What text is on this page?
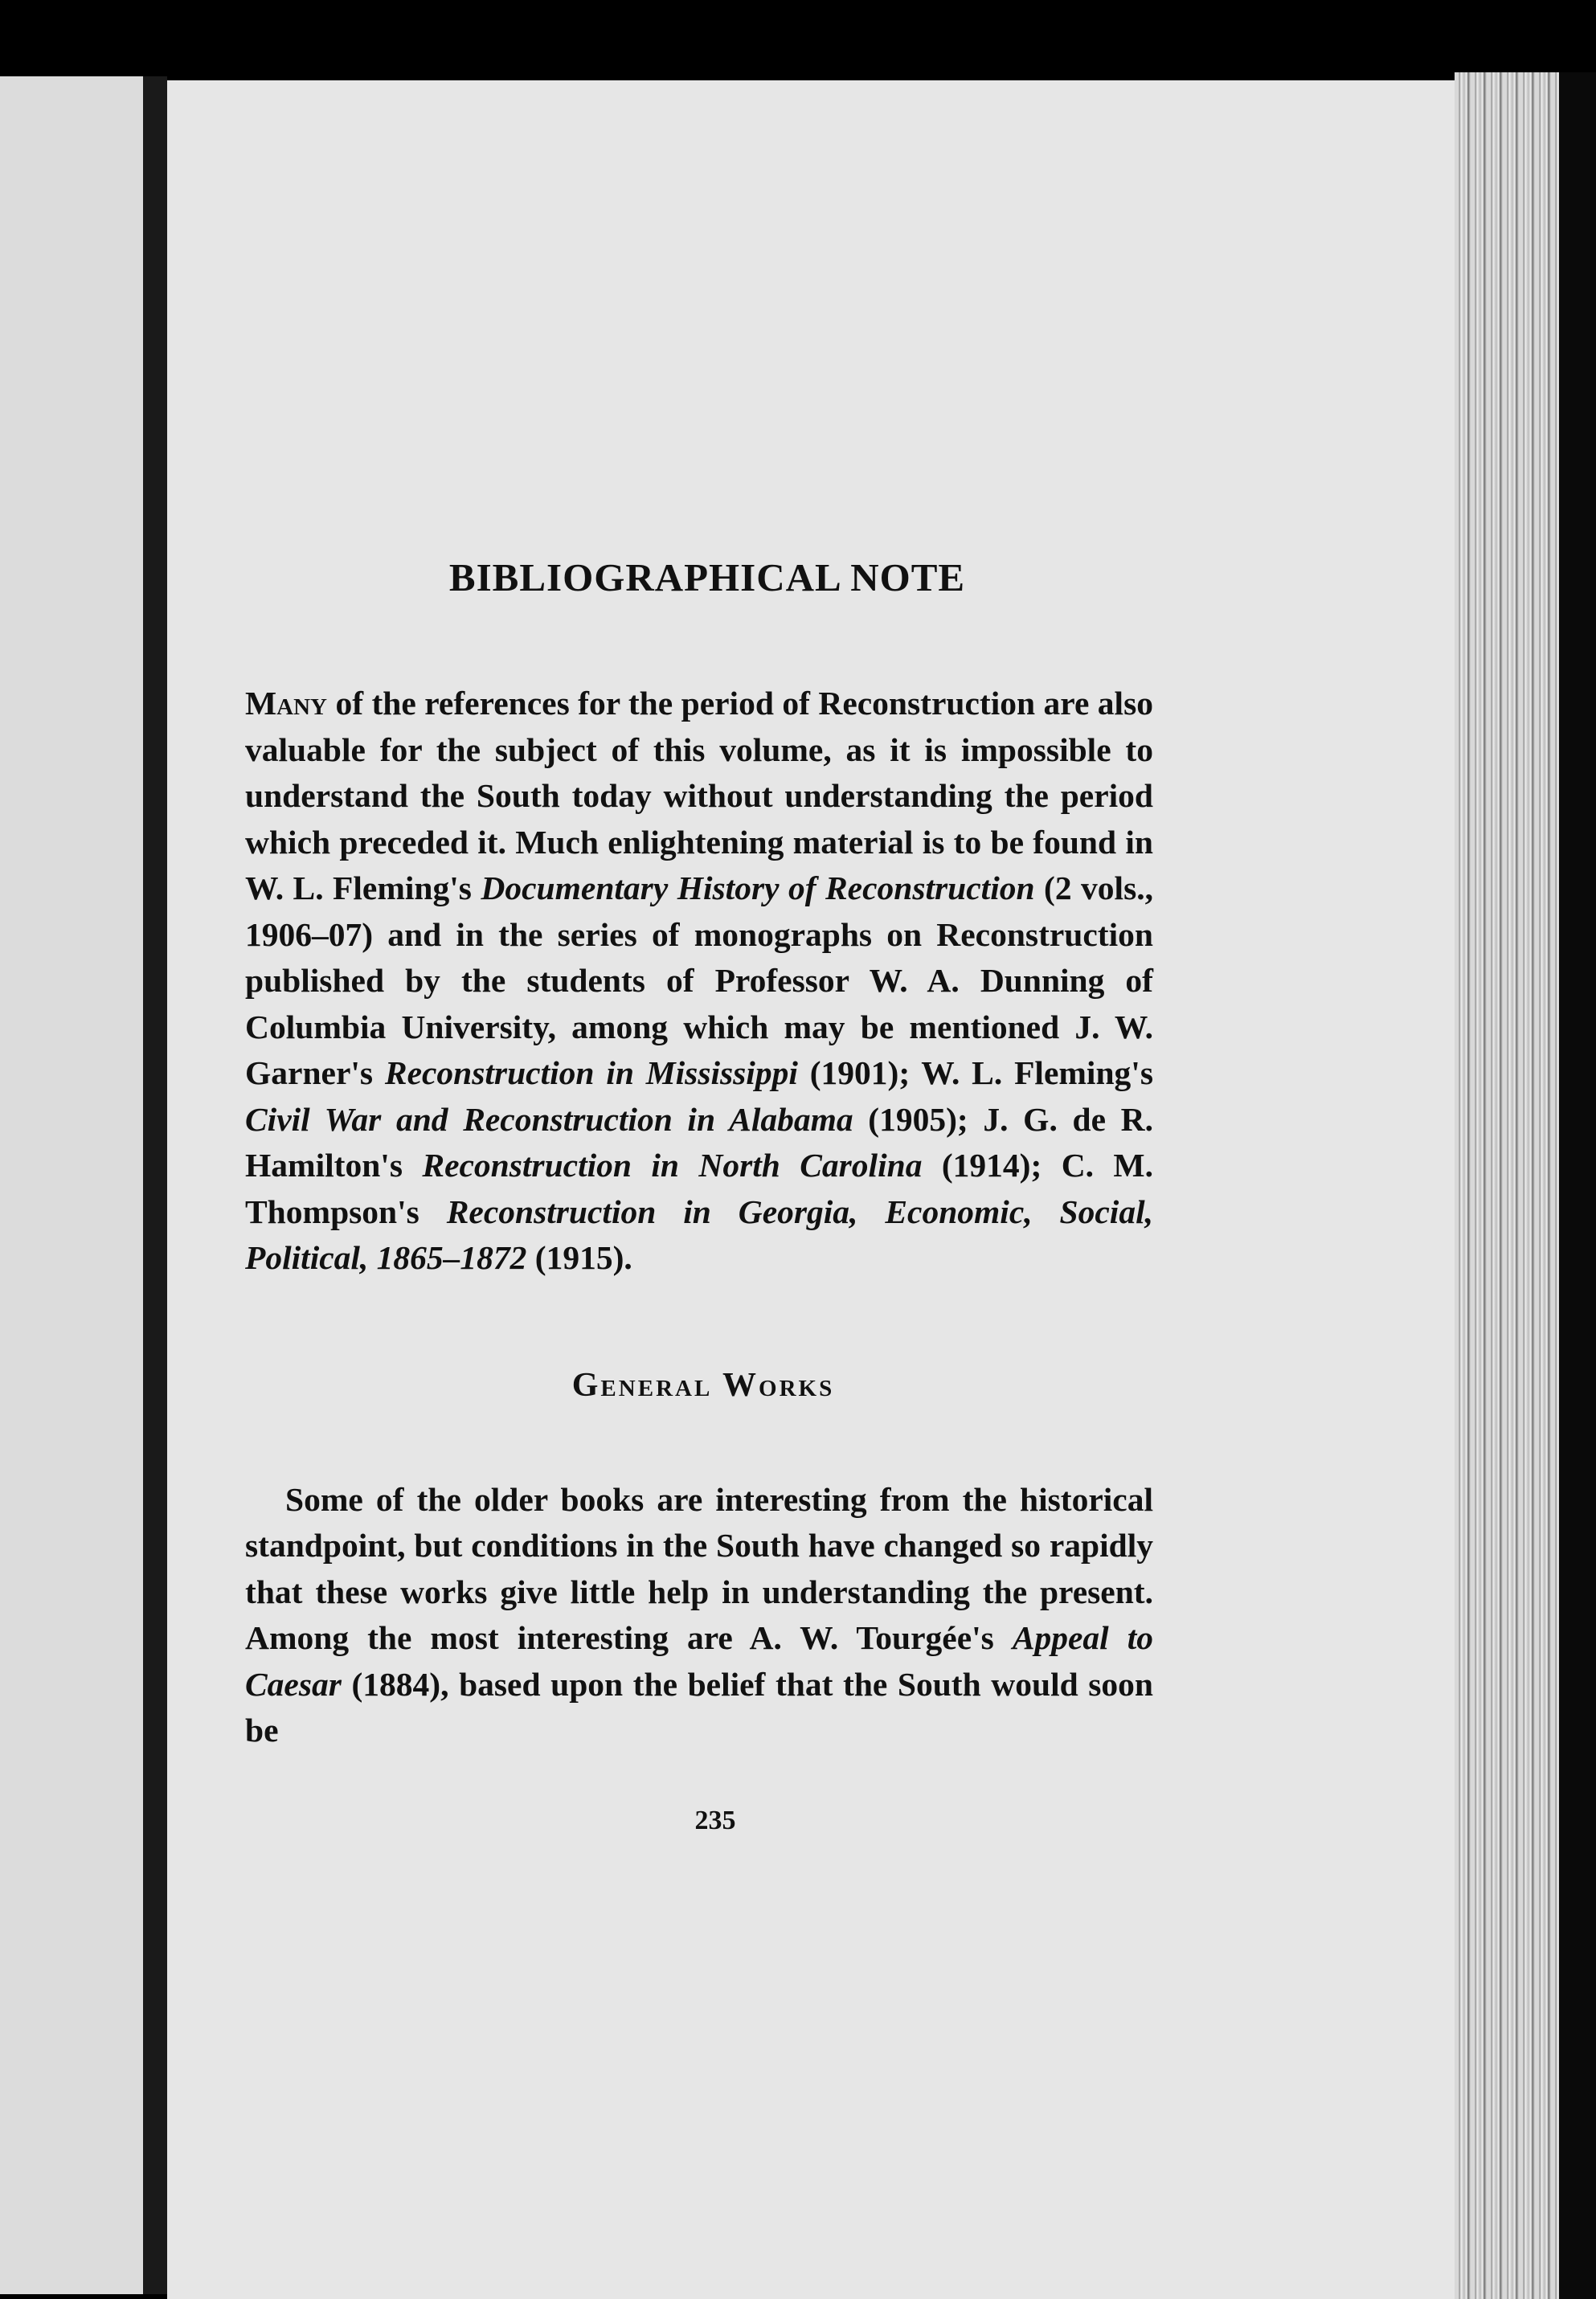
BIBLIOGRAPHICAL NOTE

Many of the references for the period of Reconstruction are also valuable for the subject of this volume, as it is impossible to understand the South today without understanding the period which preceded it. Much enlightening material is to be found in W. L. Fleming's Documentary History of Reconstruction (2 vols., 1906–07) and in the series of monographs on Reconstruction published by the students of Professor W. A. Dunning of Columbia University, among which may be mentioned J. W. Garner's Reconstruction in Mississippi (1901); W. L. Fleming's Civil War and Reconstruction in Alabama (1905); J. G. de R. Hamilton's Reconstruction in North Carolina (1914); C. M. Thompson's Reconstruction in Georgia, Economic, Social, Political, 1865–1872 (1915).

General Works

Some of the older books are interesting from the historical standpoint, but conditions in the South have changed so rapidly that these works give little help in understanding the present. Among the most interesting are A. W. Tourgée's Appeal to Caesar (1884), based upon the belief that the South would soon be

235
